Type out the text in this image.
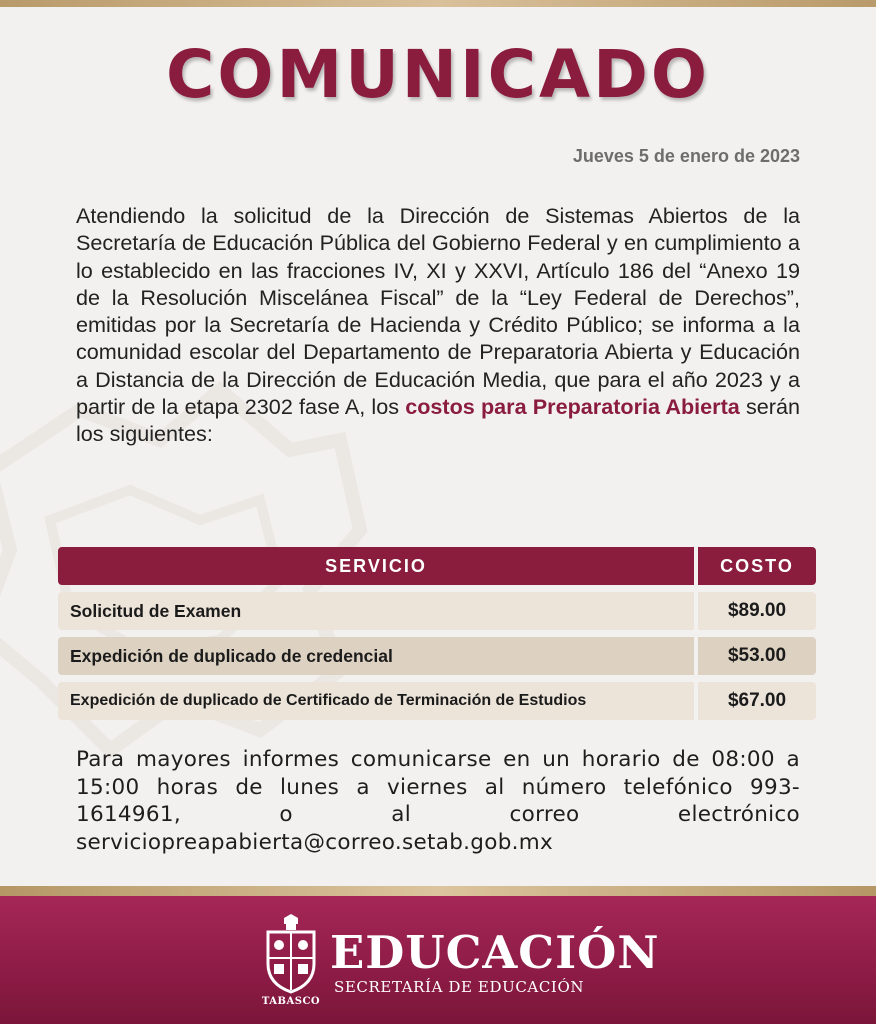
COMUNICADO
Jueves 5 de enero de 2023
Atendiendo la solicitud de la Dirección de Sistemas Abiertos de la Secretaría de Educación Pública del Gobierno Federal y en cumplimiento a lo establecido en las fracciones IV, XI y XXVI, Artículo 186 del “Anexo 19 de la Resolución Miscelánea Fiscal” de la “Ley Federal de Derechos”, emitidas por la Secretaría de Hacienda y Crédito Público; se informa a la comunidad escolar del Departamento de Preparatoria Abierta y Educación a Distancia de la Dirección de Educación Media, que para el año 2023 y a partir de la etapa 2302 fase A, los costos para Preparatoria Abierta serán los siguientes:
SERVICIO	COSTO
Solicitud de Examen	$89.00
Expedición de duplicado de credencial	$53.00
Expedición de duplicado de Certificado de Terminación de Estudios	$67.00
Para mayores informes comunicarse en un horario de 08:00 a 15:00 horas de lunes a viernes al número telefónico 993-1614961, o al correo electrónico serviciopreapabierta@correo.setab.gob.mx
TABASCO
EDUCACIÓN
SECRETARÍA DE EDUCACIÓN
